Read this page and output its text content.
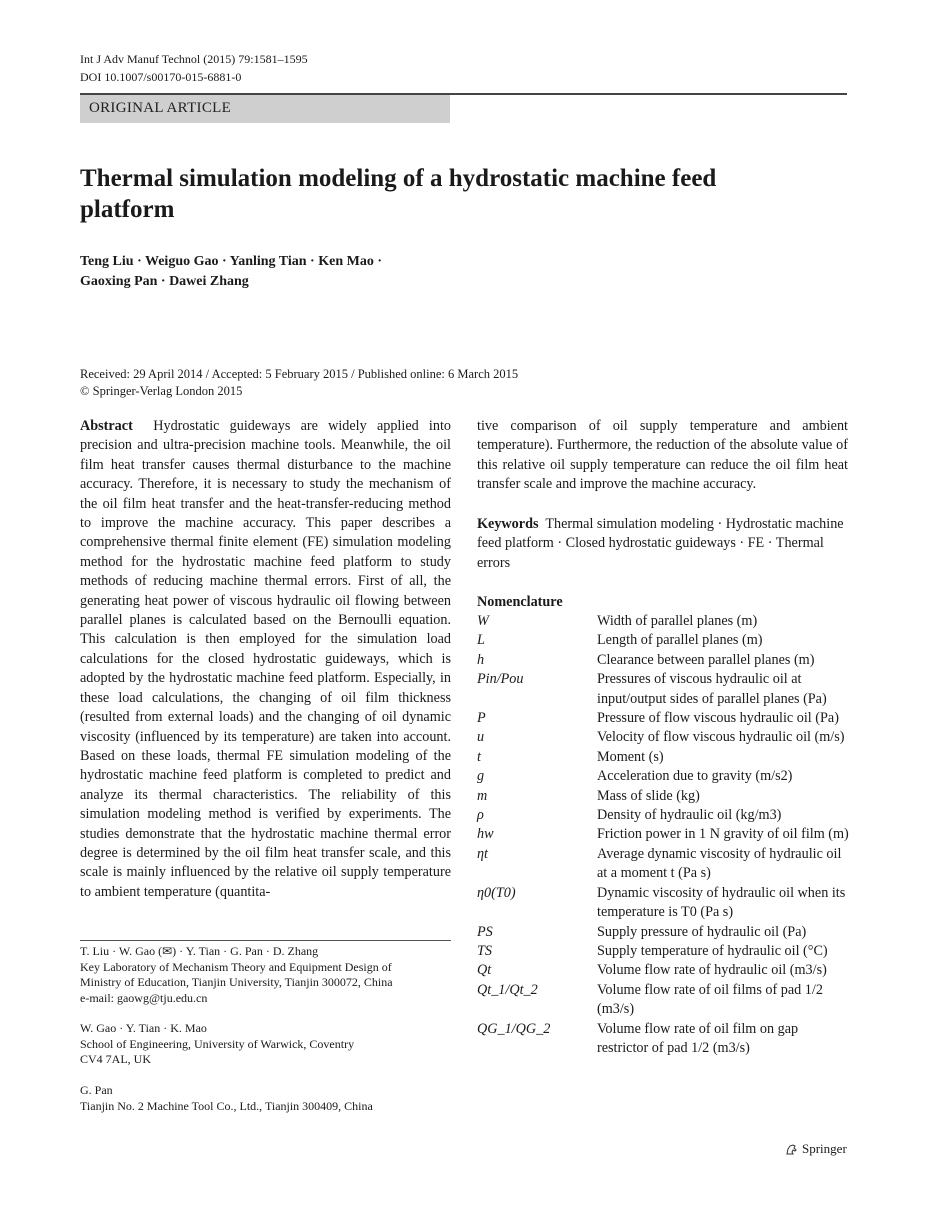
Int J Adv Manuf Technol (2015) 79:1581–1595
DOI 10.1007/s00170-015-6881-0
ORIGINAL ARTICLE
Thermal simulation modeling of a hydrostatic machine feed platform
Teng Liu · Weiguo Gao · Yanling Tian · Ken Mao ·
Gaoxing Pan · Dawei Zhang
Received: 29 April 2014 / Accepted: 5 February 2015 / Published online: 6 March 2015
© Springer-Verlag London 2015
Abstract Hydrostatic guideways are widely applied into precision and ultra-precision machine tools. Meanwhile, the oil film heat transfer causes thermal disturbance to the machine accuracy. Therefore, it is necessary to study the mechanism of the oil film heat transfer and the heat-transfer-reducing method to improve the machine accuracy. This paper describes a comprehensive thermal finite element (FE) simulation modeling method for the hydrostatic machine feed platform to study methods of reducing machine thermal errors. First of all, the generating heat power of viscous hydraulic oil flowing between parallel planes is calculated based on the Bernoulli equation. This calculation is then employed for the simulation load calculations for the closed hydrostatic guideways, which is adopted by the hydrostatic machine feed platform. Especially, in these load calculations, the changing of oil film thickness (resulted from external loads) and the changing of oil dynamic viscosity (influenced by its temperature) are taken into account. Based on these loads, thermal FE simulation modeling of the hydrostatic machine feed platform is completed to predict and analyze its thermal characteristics. The reliability of this simulation modeling method is verified by experiments. The studies demonstrate that the hydrostatic machine thermal error degree is determined by the oil film heat transfer scale, and this scale is mainly influenced by the relative oil supply temperature to ambient temperature (quantita-
tive comparison of oil supply temperature and ambient temperature). Furthermore, the reduction of the absolute value of this relative oil supply temperature can reduce the oil film heat transfer scale and improve the machine accuracy.
Keywords Thermal simulation modeling · Hydrostatic machine feed platform · Closed hydrostatic guideways · FE · Thermal errors
Nomenclature
W	Width of parallel planes (m)
L	Length of parallel planes (m)
h	Clearance between parallel planes (m)
Pin/Pou	Pressures of viscous hydraulic oil at input/output sides of parallel planes (Pa)
P	Pressure of flow viscous hydraulic oil (Pa)
u	Velocity of flow viscous hydraulic oil (m/s)
t	Moment (s)
g	Acceleration due to gravity (m/s2)
m	Mass of slide (kg)
ρ	Density of hydraulic oil (kg/m3)
hw	Friction power in 1 N gravity of oil film (m)
ηt	Average dynamic viscosity of hydraulic oil at a moment t (Pa s)
η0(T0)	Dynamic viscosity of hydraulic oil when its temperature is T0 (Pa s)
PS	Supply pressure of hydraulic oil (Pa)
TS	Supply temperature of hydraulic oil (°C)
Qt	Volume flow rate of hydraulic oil (m3/s)
Qt_1/Qt_2	Volume flow rate of oil films of pad 1/2 (m3/s)
QG_1/QG_2	Volume flow rate of oil film on gap restrictor of pad 1/2 (m3/s)
T. Liu · W. Gao (✉) · Y. Tian · G. Pan · D. Zhang
Key Laboratory of Mechanism Theory and Equipment Design of
Ministry of Education, Tianjin University, Tianjin 300072, China
e-mail: gaowg@tju.edu.cn
W. Gao · Y. Tian · K. Mao
School of Engineering, University of Warwick, Coventry
CV4 7AL, UK
G. Pan
Tianjin No. 2 Machine Tool Co., Ltd., Tianjin 300409, China
Springer
